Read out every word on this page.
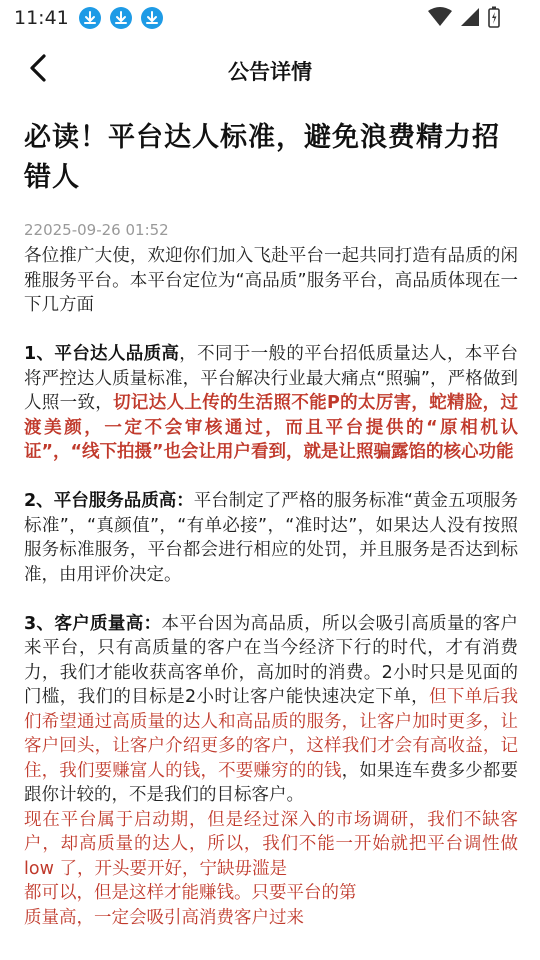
11:41
公告详情
必读！平台达人标准，避免浪费精力招错人
22025-09-26 01:52

各位推广大使，欢迎你们加入飞赴平台一起共同打造有品质的闲雅服务平台。本平台定位为“高品质”服务平台，高品质体现在一下几方面

1、平台达人品质高，不同于一般的平台招低质量达人，本平台将严控达人质量标准，平台解决行业最大痛点“照骗”，严格做到人照一致，切记达人上传的生活照不能P的太厉害，蛇精脸，过渡美颜，一定不会审核通过，而且平台提供的“原相机认证”，“线下拍摄”也会让用户看到，就是让照骗露馅的核心功能

2、平台服务品质高：平台制定了严格的服务标准“黄金五项服务标准”，“真颜值”，“有单必接”，“准时达”，如果达人没有按照服务标准服务，平台都会进行相应的处罚，并且服务是否达到标准，由用评价决定。

3、客户质量高：本平台因为高品质，所以会吸引高质量的客户来平台，只有高质量的客户在当今经济下行的时代，才有消费力，我们才能收获高客单价，高加时的消费。2小时只是见面的门槛，我们的目标是2小时让客户能快速决定下单，但下单后我们希望通过高质量的达人和高品质的服务，让客户加时更多，让客户回头，让客户介绍更多的客户，这样我们才会有高收益，记住，我们要赚富人的钱，不要赚穷的的钱，如果连车费多少都要跟你计较的，不是我们的目标客户。

现在平台属于启动期，但是经过深入的市场调研，我们不缺客户，却高质量的达人，所以，我们不能一开始就把平台调性做 low 了，开头要开好，宁缺毋滥是

都可以，但是这样才能赚钱。只要平台的第

质量高，一定会吸引高消费客户过来
